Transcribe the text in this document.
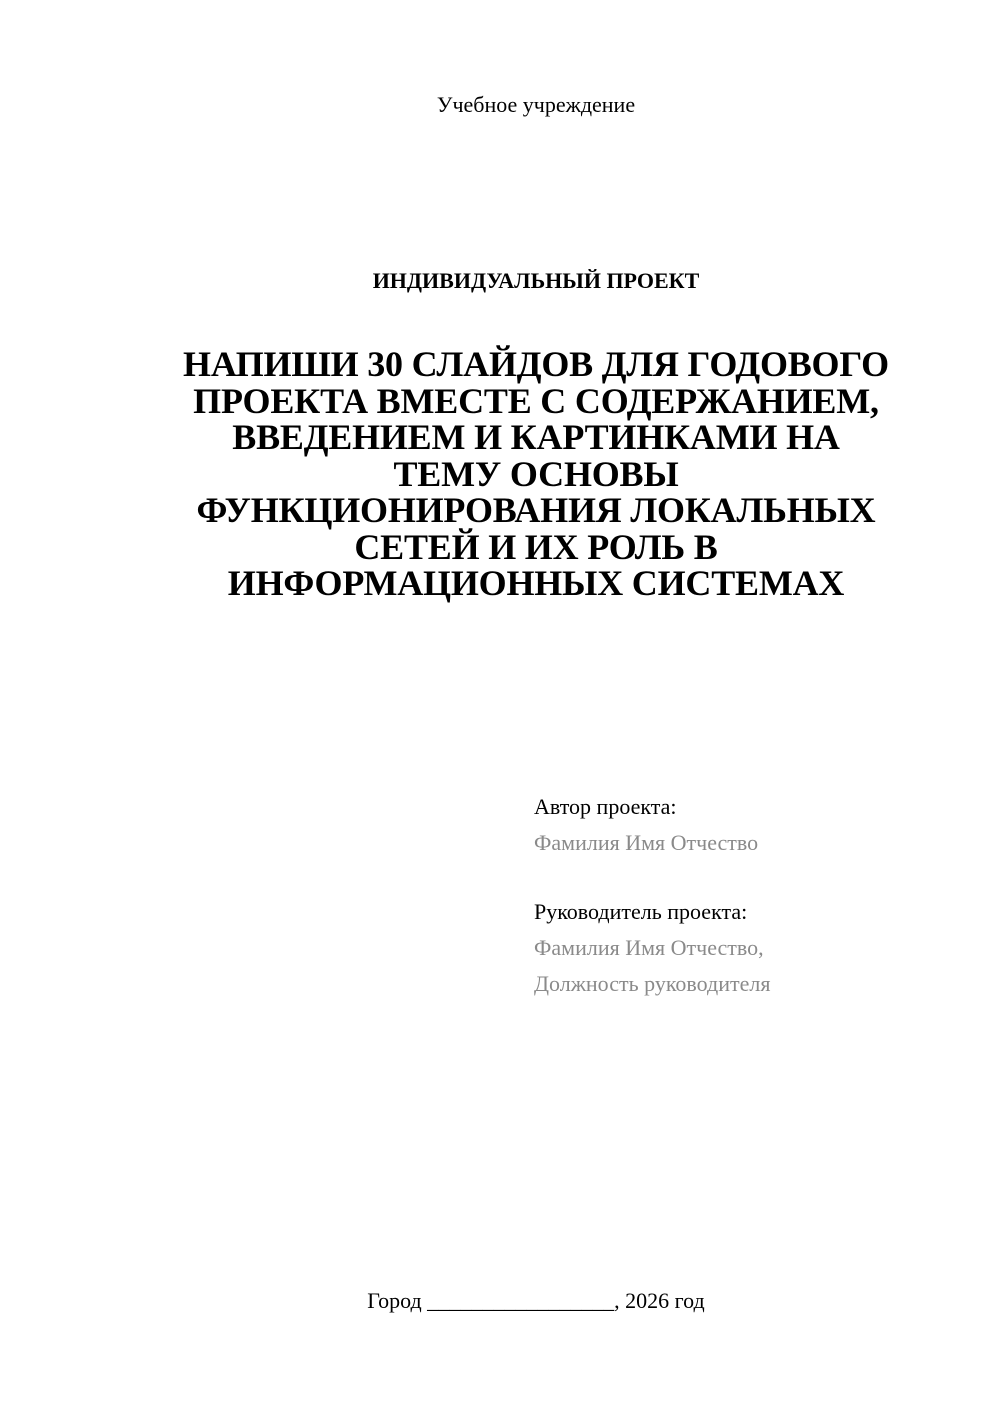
Учебное учреждение
ИНДИВИДУАЛЬНЫЙ ПРОЕКТ
НАПИШИ 30 СЛАЙДОВ ДЛЯ ГОДОВОГО
ПРОЕКТА ВМЕСТЕ С СОДЕРЖАНИЕМ,
ВВЕДЕНИЕМ И КАРТИНКАМИ НА
ТЕМУ ОСНОВЫ
ФУНКЦИОНИРОВАНИЯ ЛОКАЛЬНЫХ
СЕТЕЙ И ИХ РОЛЬ В
ИНФОРМАЦИОННЫХ СИСТЕМАХ
Автор проекта:
Фамилия Имя Отчество
Руководитель проекта:
Фамилия Имя Отчество,
Должность руководителя
Город _________________, 2026 год
